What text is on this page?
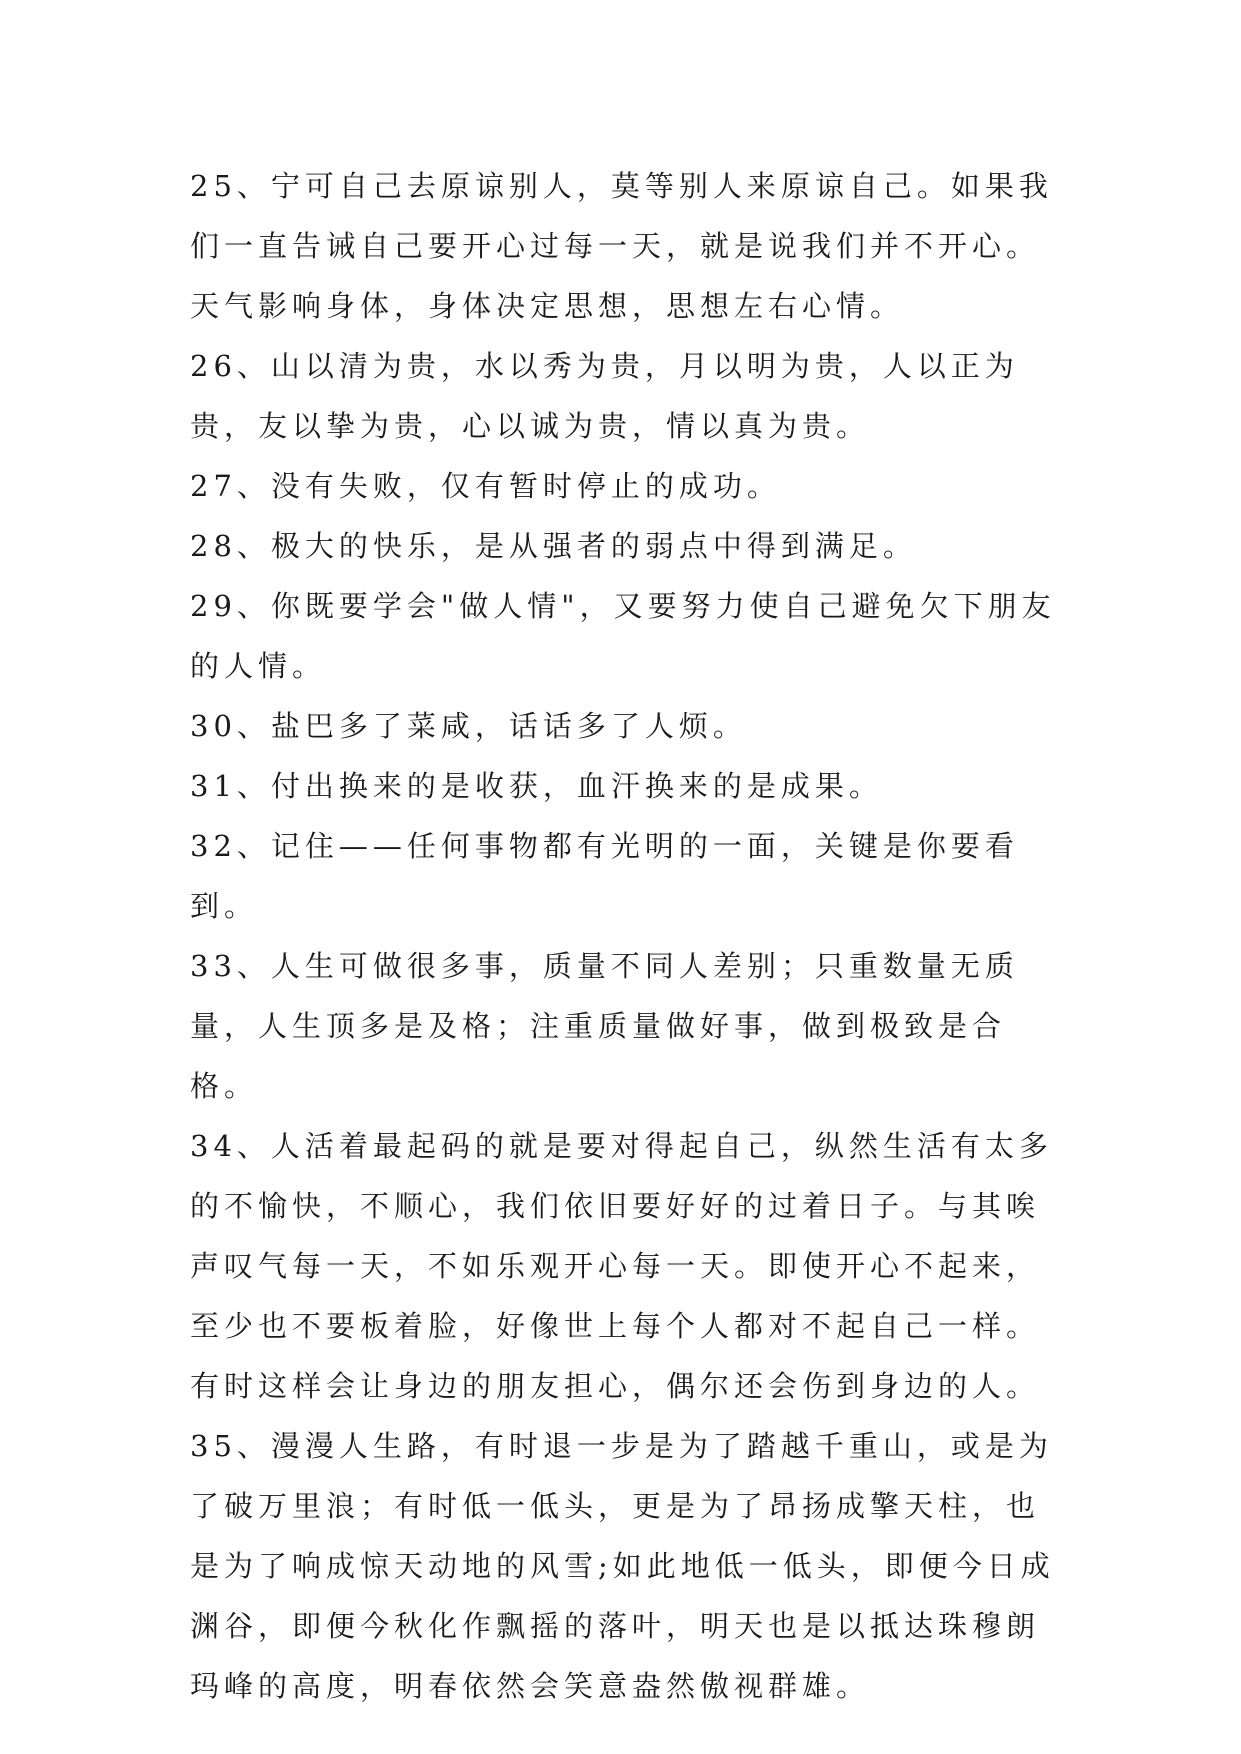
25、宁可自己去原谅别人，莫等别人来原谅自己。如果我们一直告诫自己要开心过每一天，就是说我们并不开心。天气影响身体，身体决定思想，思想左右心情。

26、山以清为贵，水以秀为贵，月以明为贵，人以正为贵，友以挚为贵，心以诚为贵，情以真为贵。

27、没有失败，仅有暂时停止的成功。

28、极大的快乐，是从强者的弱点中得到满足。

29、你既要学会"做人情"，又要努力使自己避免欠下朋友的人情。

30、盐巴多了菜咸，话话多了人烦。

31、付出换来的是收获，血汗换来的是成果。

32、记住——任何事物都有光明的一面，关键是你要看到。

33、人生可做很多事，质量不同人差别；只重数量无质量，人生顶多是及格；注重质量做好事，做到极致是合格。

34、人活着最起码的就是要对得起自己，纵然生活有太多的不愉快，不顺心，我们依旧要好好的过着日子。与其唉声叹气每一天，不如乐观开心每一天。即使开心不起来，至少也不要板着脸，好像世上每个人都对不起自己一样。有时这样会让身边的朋友担心，偶尔还会伤到身边的人。

35、漫漫人生路，有时退一步是为了踏越千重山，或是为了破万里浪；有时低一低头，更是为了昂扬成擎天柱，也是为了响成惊天动地的风雪;如此地低一低头，即便今日成渊谷，即便今秋化作飘摇的落叶，明天也是以抵达珠穆朗玛峰的高度，明春依然会笑意盎然傲视群雄。
